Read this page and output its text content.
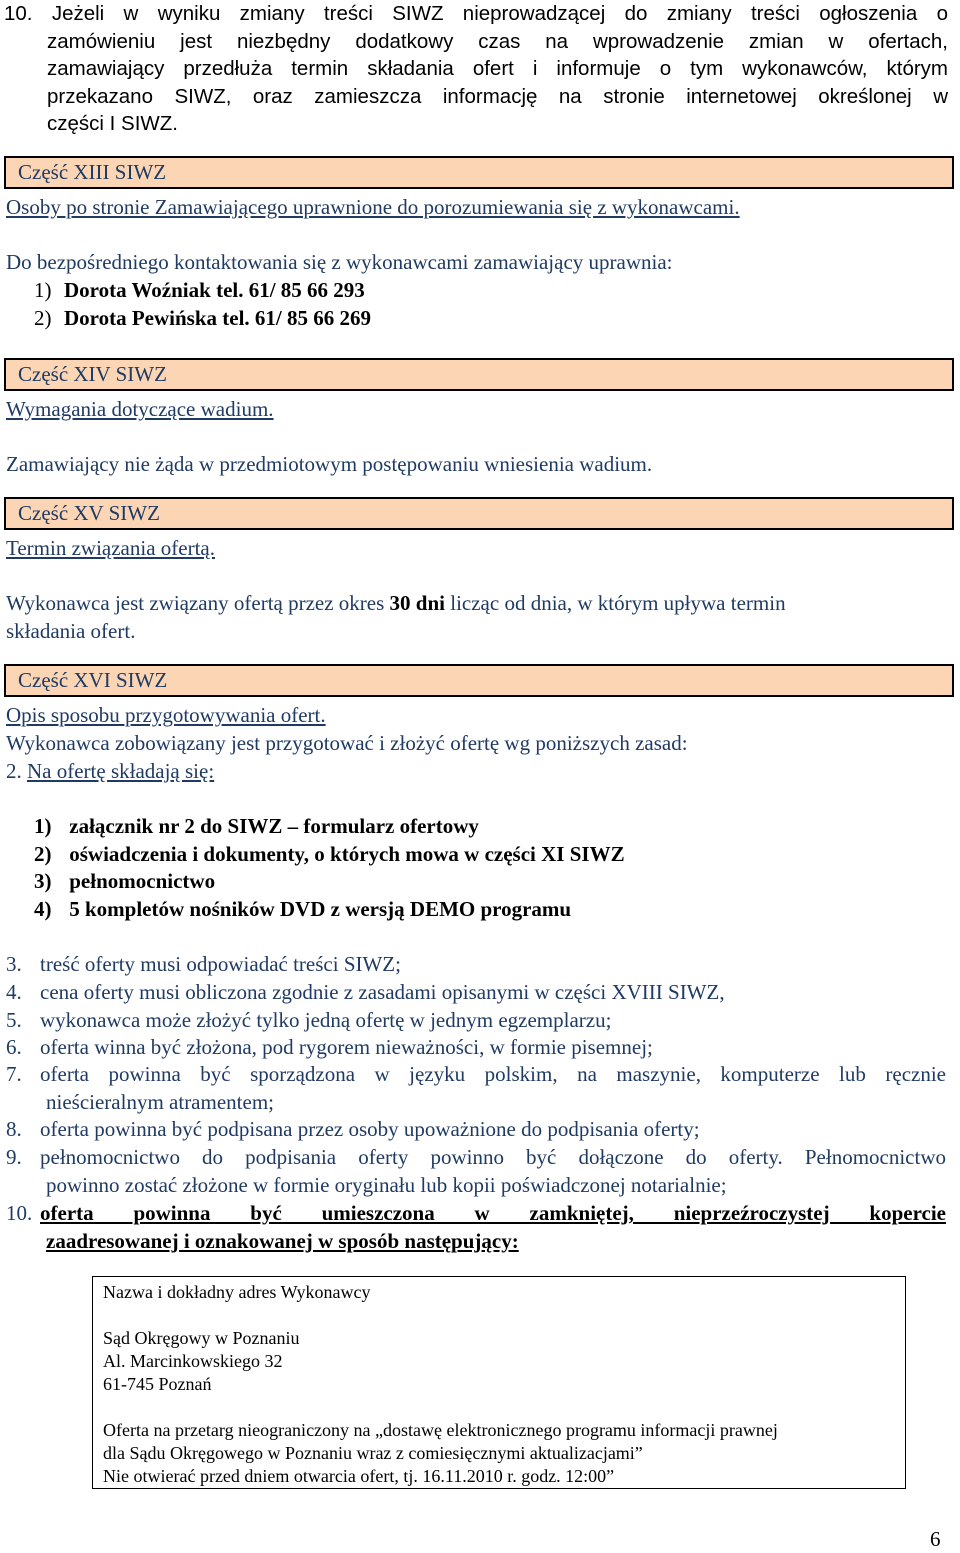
10. Jeżeli w wyniku zmiany treści SIWZ nieprowadzącej do zmiany treści ogłoszenia o
zamówieniu jest niezbędny dodatkowy czas na wprowadzenie zmian w ofertach,
zamawiający przedłuża termin składania ofert i informuje o tym wykonawców, którym
przekazano SIWZ, oraz zamieszcza informację na stronie internetowej określonej w
części I SIWZ.
Część XIII SIWZ
Osoby po stronie Zamawiającego uprawnione do porozumiewania się z wykonawcami.
Do bezpośredniego kontaktowania się z wykonawcami zamawiający uprawnia:
1) Dorota Woźniak tel. 61/ 85 66 293
2) Dorota Pewińska tel. 61/ 85 66 269
Część XIV SIWZ
Wymagania dotyczące wadium.
Zamawiający nie żąda w przedmiotowym postępowaniu wniesienia wadium.
Część XV SIWZ
Termin związania ofertą.
Wykonawca jest związany ofertą przez okres 30 dni licząc od dnia, w którym upływa termin
składania ofert.
Część XVI SIWZ
Opis sposobu przygotowywania ofert.
Wykonawca zobowiązany jest przygotować i złożyć ofertę wg poniższych zasad:
2. Na ofertę składają się:
1) załącznik nr 2 do SIWZ – formularz ofertowy
2) oświadczenia i dokumenty, o których mowa w części XI SIWZ
3) pełnomocnictwo
4) 5 kompletów nośników DVD z wersją DEMO programu
3. treść oferty musi odpowiadać treści SIWZ;
4. cena oferty musi obliczona zgodnie z zasadami opisanymi w części XVIII SIWZ,
5. wykonawca może złożyć tylko jedną ofertę w jednym egzemplarzu;
6. oferta winna być złożona, pod rygorem nieważności, w formie pisemnej;
7. oferta powinna być sporządzona w języku polskim, na maszynie, komputerze lub ręcznie
nieścieralnym atramentem;
8. oferta powinna być podpisana przez osoby upoważnione do podpisania oferty;
9. pełnomocnictwo do podpisania oferty powinno być dołączone do oferty. Pełnomocnictwo
powinno zostać złożone w formie oryginału lub kopii poświadczonej notarialnie;
10. oferta powinna być umieszczona w zamkniętej, nieprzeźroczystej kopercie
zaadresowanej i oznakowanej w sposób następujący:
Nazwa i dokładny adres Wykonawcy
Sąd Okręgowy w Poznaniu
Al. Marcinkowskiego 32
61-745 Poznań
Oferta na przetarg nieograniczony na „dostawę elektronicznego programu informacji prawnej
dla Sądu Okręgowego w Poznaniu wraz z comiesięcznymi aktualizacjami”
Nie otwierać przed dniem otwarcia ofert, tj. 16.11.2010 r. godz. 12:00”
6
